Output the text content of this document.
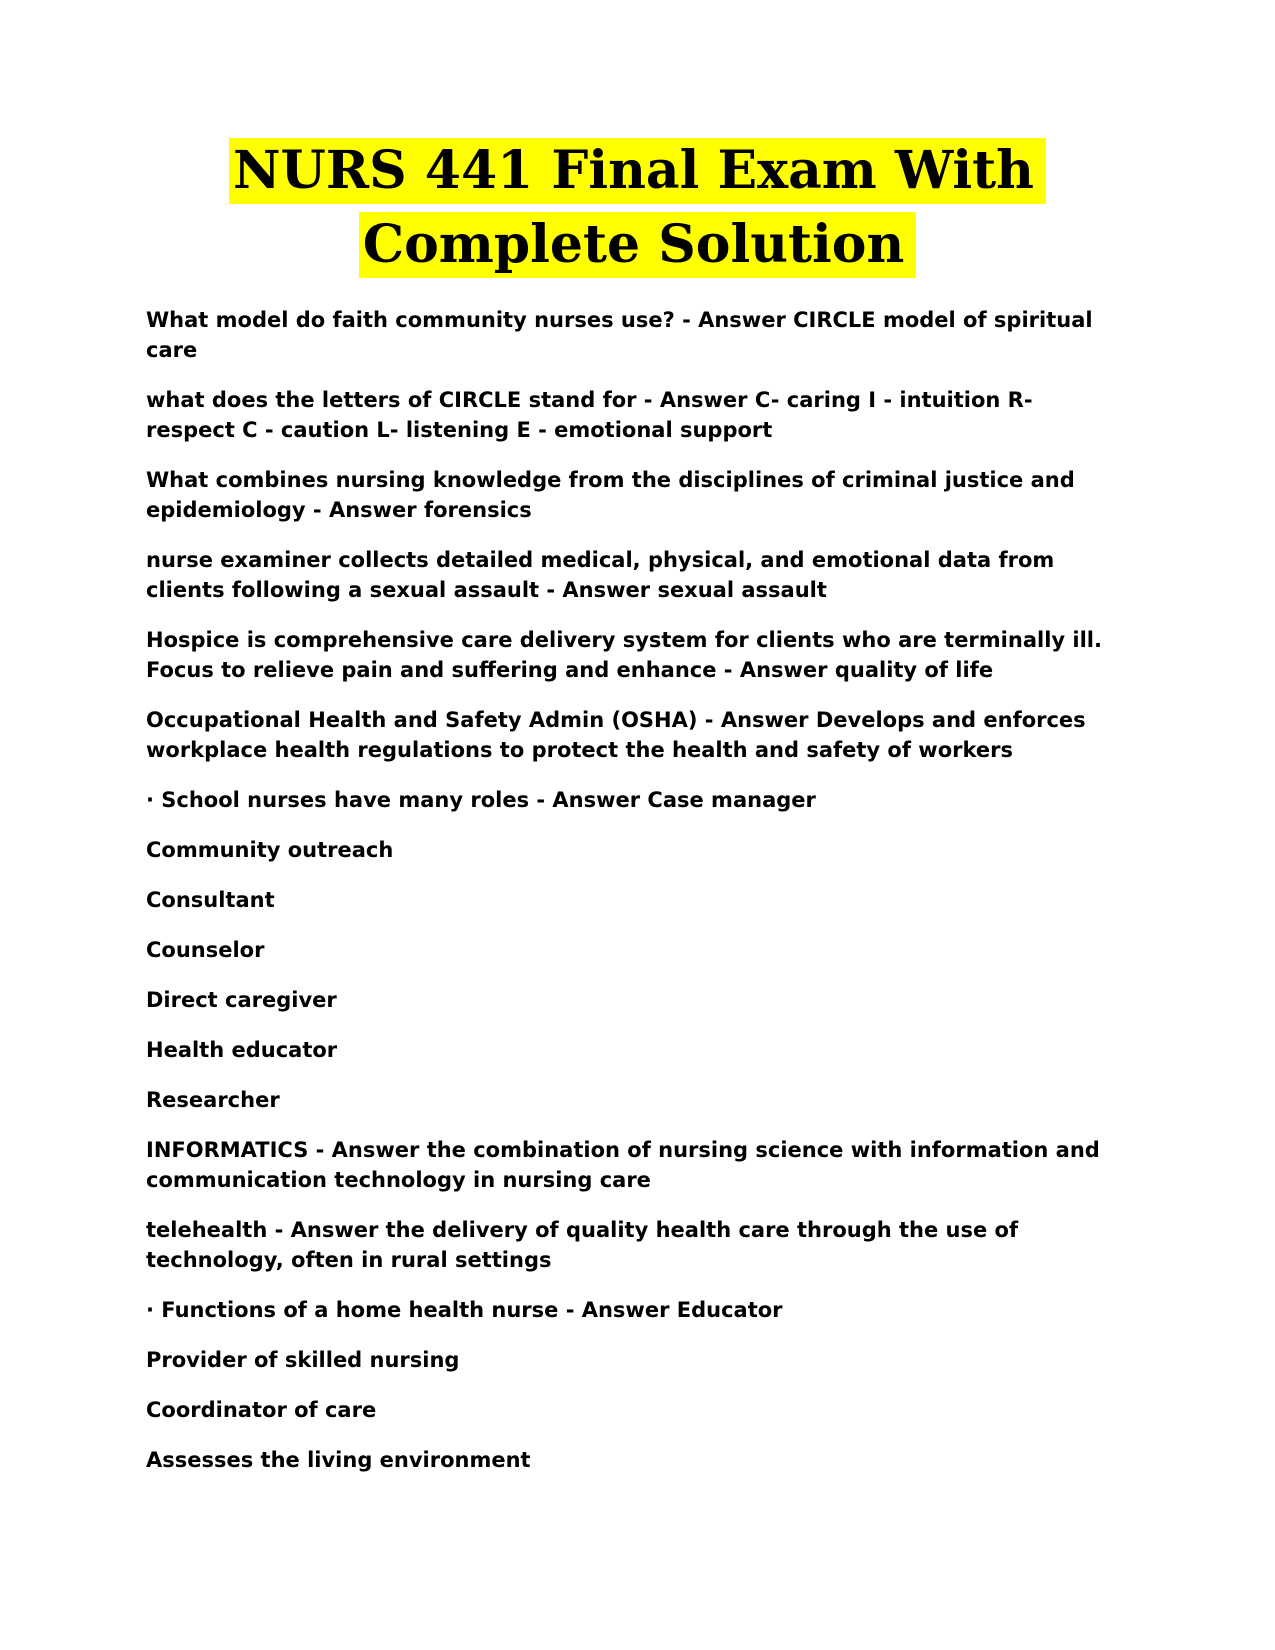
NURS 441 Final Exam With
Complete Solution

What model do faith community nurses use? - Answer CIRCLE model of spiritual care

what does the letters of CIRCLE stand for - Answer C- caring I - intuition R- respect C - caution L- listening E - emotional support

What combines nursing knowledge from the disciplines of criminal justice and epidemiology - Answer forensics

nurse examiner collects detailed medical, physical, and emotional data from clients following a sexual assault - Answer sexual assault

Hospice is comprehensive care delivery system for clients who are terminally ill. Focus to relieve pain and suffering and enhance - Answer quality of life

Occupational Health and Safety Admin (OSHA) - Answer Develops and enforces workplace health regulations to protect the health and safety of workers

· School nurses have many roles - Answer Case manager

Community outreach

Consultant

Counselor

Direct caregiver

Health educator

Researcher

INFORMATICS - Answer the combination of nursing science with information and communication technology in nursing care

telehealth - Answer the delivery of quality health care through the use of technology, often in rural settings

· Functions of a home health nurse - Answer Educator

Provider of skilled nursing

Coordinator of care

Assesses the living environment
